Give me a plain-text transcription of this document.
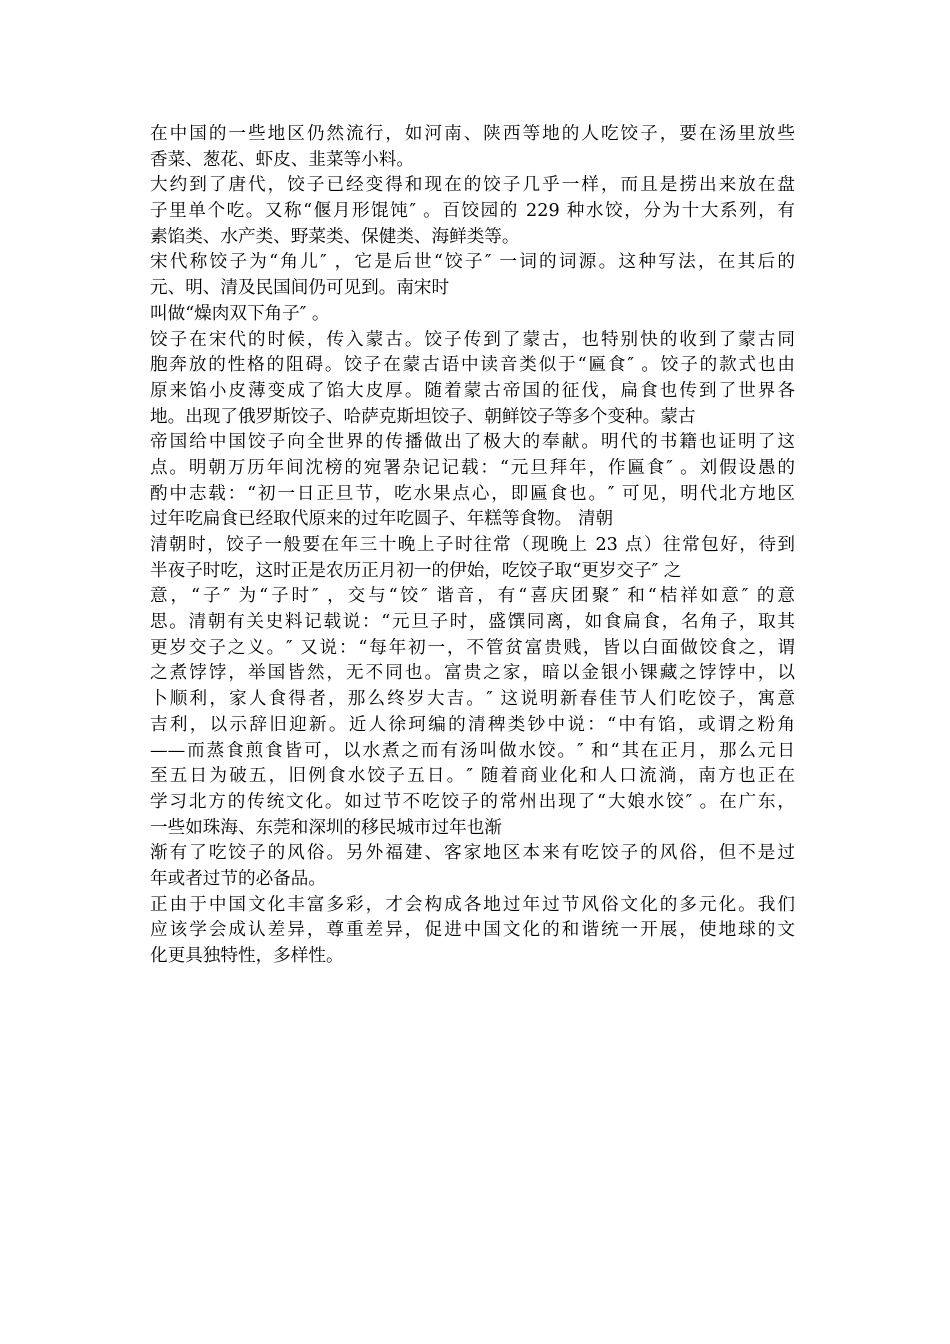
在中国的一些地区仍然流行，如河南、陕西等地的人吃饺子，要在汤里放些
香菜、葱花、虾皮、韭菜等小料。
大约到了唐代，饺子已经变得和现在的饺子几乎一样，而且是捞出来放在盘
子里单个吃。又称“偃月形馄饨″ 。百饺园的 229 种水饺，分为十大系列，有
素馅类、水产类、野菜类、保健类、海鲜类等。
宋代称饺子为“角儿″ ，它是后世“饺子″ 一词的词源。这种写法，在其后的
元、明、清及民国间仍可见到。南宋时
叫做“燥肉双下角子″ 。
饺子在宋代的时候，传入蒙古。饺子传到了蒙古，也特别快的收到了蒙古同
胞奔放的性格的阻碍。饺子在蒙古语中读音类似于“匾食″ 。饺子的款式也由
原来馅小皮薄变成了馅大皮厚。随着蒙古帝国的征伐，扁食也传到了世界各
地。出现了俄罗斯饺子、哈萨克斯坦饺子、朝鲜饺子等多个变种。蒙古
帝国给中国饺子向全世界的传播做出了极大的奉献。明代的书籍也证明了这
点。明朝万历年间沈榜的宛署杂记记载：“元旦拜年，作匾食″ 。刘假设愚的
酌中志载：“初一日正旦节，吃水果点心，即匾食也。″ 可见，明代北方地区
过年吃扁食已经取代原来的过年吃圆子、年糕等食物。 清朝
清朝时，饺子一般要在年三十晚上子时往常（现晚上 23 点）往常包好，待到
半夜子时吃，这时正是农历正月初一的伊始，吃饺子取“更岁交子″ 之
意，“子″ 为“子时″ ，交与“饺″ 谐音，有“喜庆团聚″ 和“桔祥如意″ 的意
思。清朝有关史料记载说：“元旦子时，盛馔同离，如食扁食，名角子，取其
更岁交子之义。″ 又说：“每年初一，不管贫富贵贱，皆以白面做饺食之，谓
之煮饽饽，举国皆然，无不同也。富贵之家，暗以金银小锞藏之饽饽中，以
卜顺利，家人食得者，那么终岁大吉。″ 这说明新春佳节人们吃饺子，寓意
吉利，以示辞旧迎新。近人徐珂编的清稗类钞中说：“中有馅，或谓之粉角
——而蒸食煎食皆可，以水煮之而有汤叫做水饺。″ 和“其在正月，那么元日
至五日为破五，旧例食水饺子五日。″ 随着商业化和人口流淌，南方也正在
学习北方的传统文化。如过节不吃饺子的常州出现了“大娘水饺″ 。在广东，
一些如珠海、东莞和深圳的移民城市过年也渐
渐有了吃饺子的风俗。另外福建、客家地区本来有吃饺子的风俗，但不是过
年或者过节的必备品。
正由于中国文化丰富多彩，才会构成各地过年过节风俗文化的多元化。我们
应该学会成认差异，尊重差异，促进中国文化的和谐统一开展，使地球的文
化更具独特性，多样性。
